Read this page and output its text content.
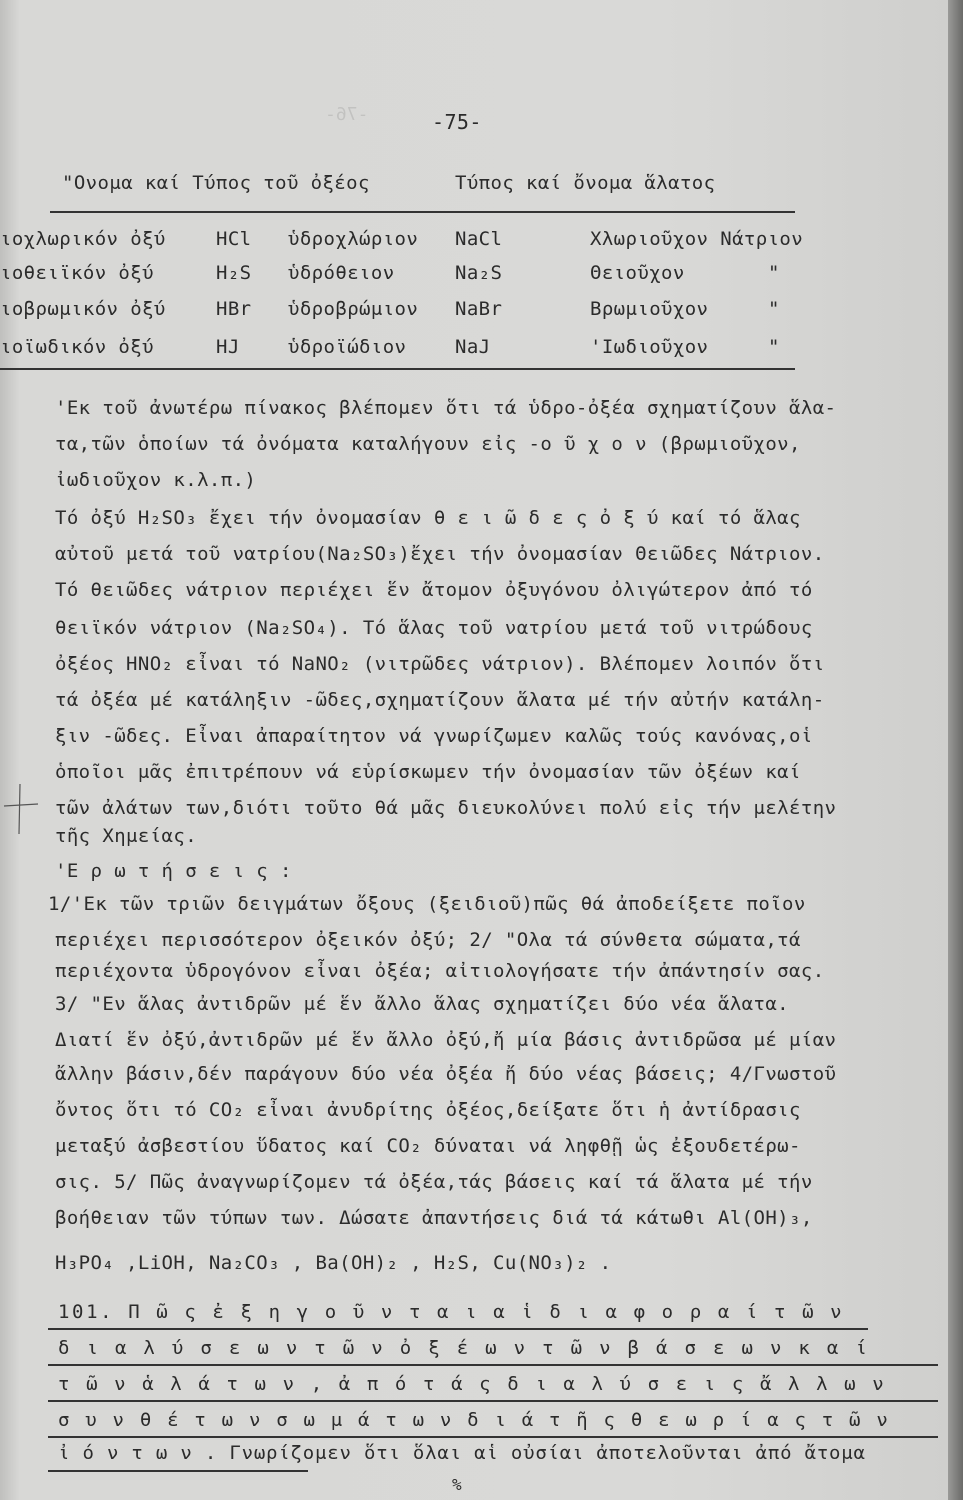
-76-	-75-
"Ονομα καί Τύπος τοῦ ὀξέος	Τύπος καί ὄνομα ἅλατος
ιοχλωρικόν ὀξύ	HCl ὑδροχλώριον NaCl	Χλωριοῦχον Νάτριον
ιοθειϊκόν ὀξύ	H₂S ὑδρόθειον	Na₂S	Θειοῦχον	"
ιοβρωμικόν ὀξύ	HBr ὑδροβρώμιον NaBr	Βρωμιοῦχον	"
ιοϊωδικόν ὀξύ	HJ	ὑδροϊώδιον	NaJ	'Ιωδιοῦχον	"
'Εκ τοῦ ἀνωτέρω πίνακος βλέπομεν ὅτι τά ὑδρο-ὀξέα σχηματίζουν ἅλα-
τα,τῶν ὁποίων τά ὀνόματα καταλήγουν εἰς -ο ῦ χ ο ν (βρωμιοῦχον,
ἰωδιοῦχον κ.λ.π.)
Τό ὀξύ H₂SO₃ ἔχει τήν ὀνομασίαν θ ε ι ῶ δ ε ς ὀ ξ ύ καί τό ἅλας
αὐτοῦ μετά τοῦ νατρίου(Na₂SO₃)ἔχει τήν ὀνομασίαν Θειῶδες Νάτριον.
Τό θειῶδες νάτριον περιέχει ἕν ἄτομον ὀξυγόνου ὀλιγώτερον ἀπό τό
θειϊκόν νάτριον (Na₂SO₄). Τό ἅλας τοῦ νατρίου μετά τοῦ νιτρώδους
ὀξέος HNO₂ εἶναι τό NaNO₂ (νιτρῶδες νάτριον). Βλέπομεν λοιπόν ὅτι
τά ὀξέα μέ κατάληξιν -ῶδες,σχηματίζουν ἅλατα μέ τήν αὐτήν κατάλη-
ξιν -ῶδες. Εἶναι ἀπαραίτητον νά γνωρίζωμεν καλῶς τούς κανόνας,οἱ
ὁποῖοι μᾶς ἐπιτρέπουν νά εὑρίσκωμεν τήν ὀνομασίαν τῶν ὀξέων καί
τῶν ἀλάτων των,διότι τοῦτο θά μᾶς διευκολύνει πολύ εἰς τήν μελέτην
τῆς Χημείας.
'Ε ρ ω τ ή σ ε ι ς :
1/'Εκ τῶν τριῶν δειγμάτων ὄξους (ξειδιοῦ)πῶς θά ἀποδείξετε ποῖον
περιέχει περισσότερον ὀξεικόν ὀξύ; 2/ "Ολα τά σύνθετα σώματα,τά
περιέχοντα ὑδρογόνον εἶναι ὀξέα; αἰτιολογήσατε τήν ἀπάντησίν σας.
3/ "Εν ἅλας ἀντιδρῶν μέ ἕν ἄλλο ἅλας σχηματίζει δύο νέα ἅλατα.
Διατί ἕν ὀξύ,ἀντιδρῶν μέ ἕν ἄλλο ὀξύ,ἤ μία βάσις ἀντιδρῶσα μέ μίαν
ἄλλην βάσιν,δέν παράγουν δύο νέα ὀξέα ἤ δύο νέας βάσεις; 4/Γνωστοῦ
ὄντος ὅτι τό CO₂ εἶναι ἀνυδρίτης ὀξέος,δείξατε ὅτι ἡ ἀντίδρασις
μεταξύ ἀσβεστίου ὕδατος καί CO₂ δύναται νά ληφθῇ ὡς ἐξουδετέρω-
σις. 5/ Πῶς ἀναγνωρίζομεν τά ὀξέα,τάς βάσεις καί τά ἅλατα μέ τήν
βοήθειαν τῶν τύπων των. Δώσατε ἀπαντήσεις διά τά κάτωθι Al(OH)₃,
H₃PO₄ ,LiOH, Na₂CO₃ , Ba(OH)₂ , H₂S, Cu(NO₃)₂ .
101. Π ῶ ς ἐ ξ η γ ο ῦ ν τ α ι α ἱ δ ι α φ ο ρ α ί τ ῶ ν
δ ι α λ ύ σ ε ω ν τ ῶ ν ὀ ξ έ ω ν τ ῶ ν β ά σ ε ω ν κ α ί
τ ῶ ν ἁ λ ά τ ω ν , ἀ π ό τ ά ς δ ι α λ ύ σ ε ι ς ἄ λ λ ω ν
σ υ ν θ έ τ ω ν σ ω μ ά τ ω ν δ ι ά τ ῆ ς θ ε ω ρ ί α ς τ ῶ ν
ἰ ό ν τ ω ν . Γνωρίζομεν ὅτι ὅλαι αἱ οὐσίαι ἀποτελοῦνται ἀπό ἄτομα
%
